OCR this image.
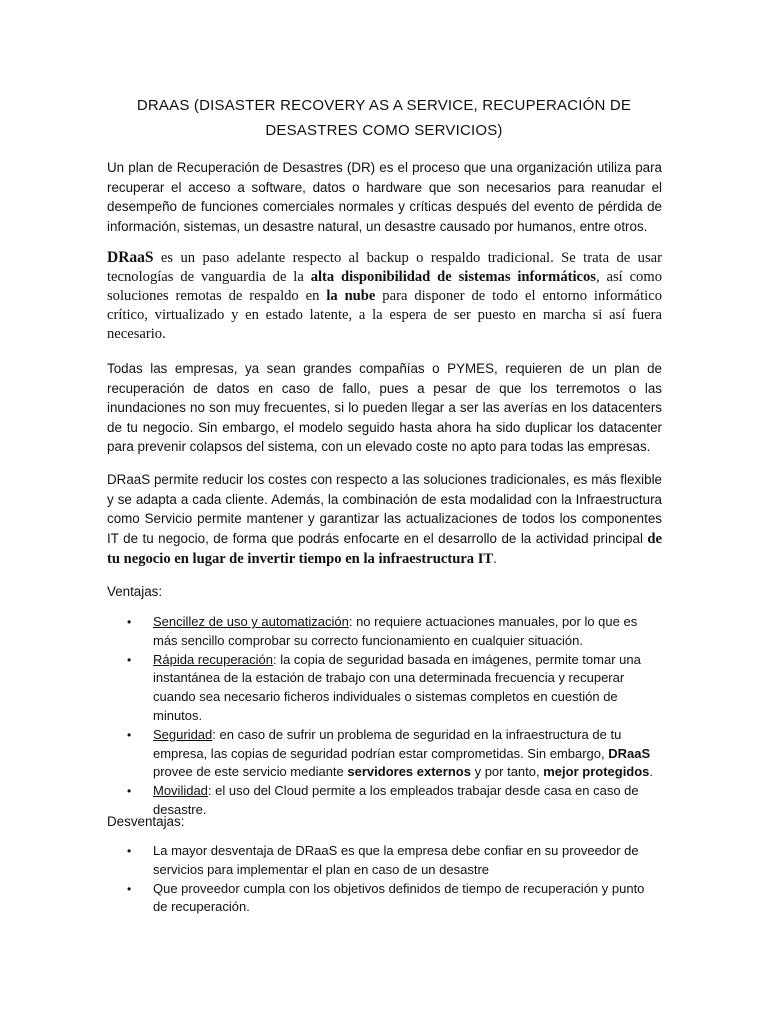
DRAAS (DISASTER RECOVERY AS A SERVICE, RECUPERACIÓN DE DESASTRES COMO SERVICIOS)

Un plan de Recuperación de Desastres (DR) es el proceso que una organización utiliza para recuperar el acceso a software, datos o hardware que son necesarios para reanudar el desempeño de funciones comerciales normales y críticas después del evento de pérdida de información, sistemas, un desastre natural, un desastre causado por humanos, entre otros.

DRaaS es un paso adelante respecto al backup o respaldo tradicional. Se trata de usar tecnologías de vanguardia de la alta disponibilidad de sistemas informáticos, así como soluciones remotas de respaldo en la nube para disponer de todo el entorno informático crítico, virtualizado y en estado latente, a la espera de ser puesto en marcha si así fuera necesario.

Todas las empresas, ya sean grandes compañías o PYMES, requieren de un plan de recuperación de datos en caso de fallo, pues a pesar de que los terremotos o las inundaciones no son muy frecuentes, si lo pueden llegar a ser las averías en los datacenters de tu negocio. Sin embargo, el modelo seguido hasta ahora ha sido duplicar los datacenter para prevenir colapsos del sistema, con un elevado coste no apto para todas las empresas.

DRaaS permite reducir los costes con respecto a las soluciones tradicionales, es más flexible y se adapta a cada cliente. Además, la combinación de esta modalidad con la Infraestructura como Servicio permite mantener y garantizar las actualizaciones de todos los componentes IT de tu negocio, de forma que podrás enfocarte en el desarrollo de la actividad principal de tu negocio en lugar de invertir tiempo en la infraestructura IT.

Ventajas:

• Sencillez de uso y automatización: no requiere actuaciones manuales, por lo que es más sencillo comprobar su correcto funcionamiento en cualquier situación.
• Rápida recuperación: la copia de seguridad basada en imágenes, permite tomar una instantánea de la estación de trabajo con una determinada frecuencia y recuperar cuando sea necesario ficheros individuales o sistemas completos en cuestión de minutos.
• Seguridad: en caso de sufrir un problema de seguridad en la infraestructura de tu empresa, las copias de seguridad podrían estar comprometidas. Sin embargo, DRaaS provee de este servicio mediante servidores externos y por tanto, mejor protegidos.
• Movilidad: el uso del Cloud permite a los empleados trabajar desde casa en caso de desastre.

Desventajas:

• La mayor desventaja de DRaaS es que la empresa debe confiar en su proveedor de servicios para implementar el plan en caso de un desastre
• Que proveedor cumpla con los objetivos definidos de tiempo de recuperación y punto de recuperación.
